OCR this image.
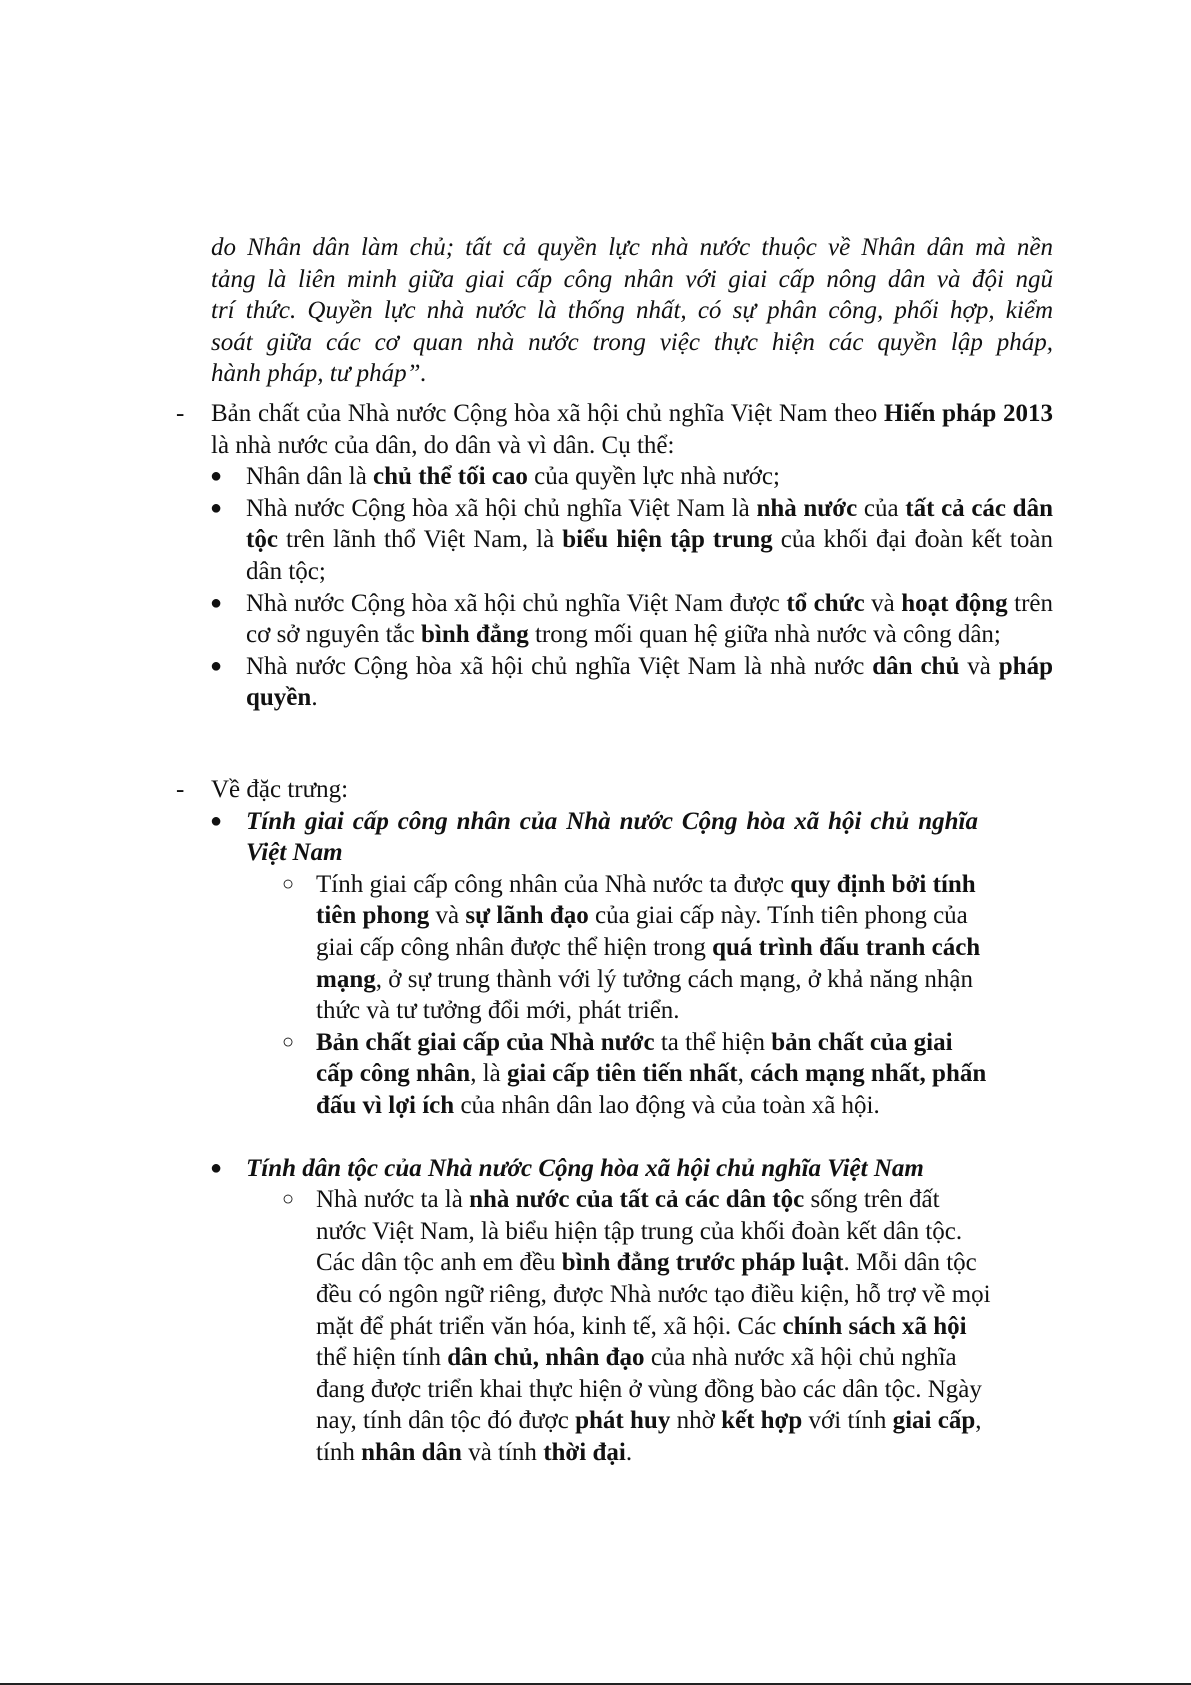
do Nhân dân làm chủ; tất cả quyền lực nhà nước thuộc về Nhân dân mà nền
tảng là liên minh giữa giai cấp công nhân với giai cấp nông dân và đội ngũ
trí thức. Quyền lực nhà nước là thống nhất, có sự phân công, phối hợp, kiểm
soát giữa các cơ quan nhà nước trong việc thực hiện các quyền lập pháp,
hành pháp, tư pháp”.
-	Bản chất của Nhà nước Cộng hòa xã hội chủ nghĩa Việt Nam theo Hiến pháp 2013 là nhà nước của dân, do dân và vì dân. Cụ thể:
● Nhân dân là chủ thể tối cao của quyền lực nhà nước;
● Nhà nước Cộng hòa xã hội chủ nghĩa Việt Nam là nhà nước của tất cả các dân tộc trên lãnh thổ Việt Nam, là biểu hiện tập trung của khối đại đoàn kết toàn dân tộc;
● Nhà nước Cộng hòa xã hội chủ nghĩa Việt Nam được tổ chức và hoạt động trên cơ sở nguyên tắc bình đẳng trong mối quan hệ giữa nhà nước và công dân;
● Nhà nước Cộng hòa xã hội chủ nghĩa Việt Nam là nhà nước dân chủ và pháp quyền.
-	Về đặc trưng:
● Tính giai cấp công nhân của Nhà nước Cộng hòa xã hội chủ nghĩa Việt Nam
○ Tính giai cấp công nhân của Nhà nước ta được quy định bởi tính tiên phong và sự lãnh đạo của giai cấp này. Tính tiên phong của giai cấp công nhân được thể hiện trong quá trình đấu tranh cách mạng, ở sự trung thành với lý tưởng cách mạng, ở khả năng nhận thức và tư tưởng đổi mới, phát triển.
○ Bản chất giai cấp của Nhà nước ta thể hiện bản chất của giai cấp công nhân, là giai cấp tiên tiến nhất, cách mạng nhất, phấn đấu vì lợi ích của nhân dân lao động và của toàn xã hội.
● Tính dân tộc của Nhà nước Cộng hòa xã hội chủ nghĩa Việt Nam
○ Nhà nước ta là nhà nước của tất cả các dân tộc sống trên đất nước Việt Nam, là biểu hiện tập trung của khối đoàn kết dân tộc. Các dân tộc anh em đều bình đẳng trước pháp luật. Mỗi dân tộc đều có ngôn ngữ riêng, được Nhà nước tạo điều kiện, hỗ trợ về mọi mặt để phát triển văn hóa, kinh tế, xã hội. Các chính sách xã hội thể hiện tính dân chủ, nhân đạo của nhà nước xã hội chủ nghĩa đang được triển khai thực hiện ở vùng đồng bào các dân tộc. Ngày nay, tính dân tộc đó được phát huy nhờ kết hợp với tính giai cấp, tính nhân dân và tính thời đại.
